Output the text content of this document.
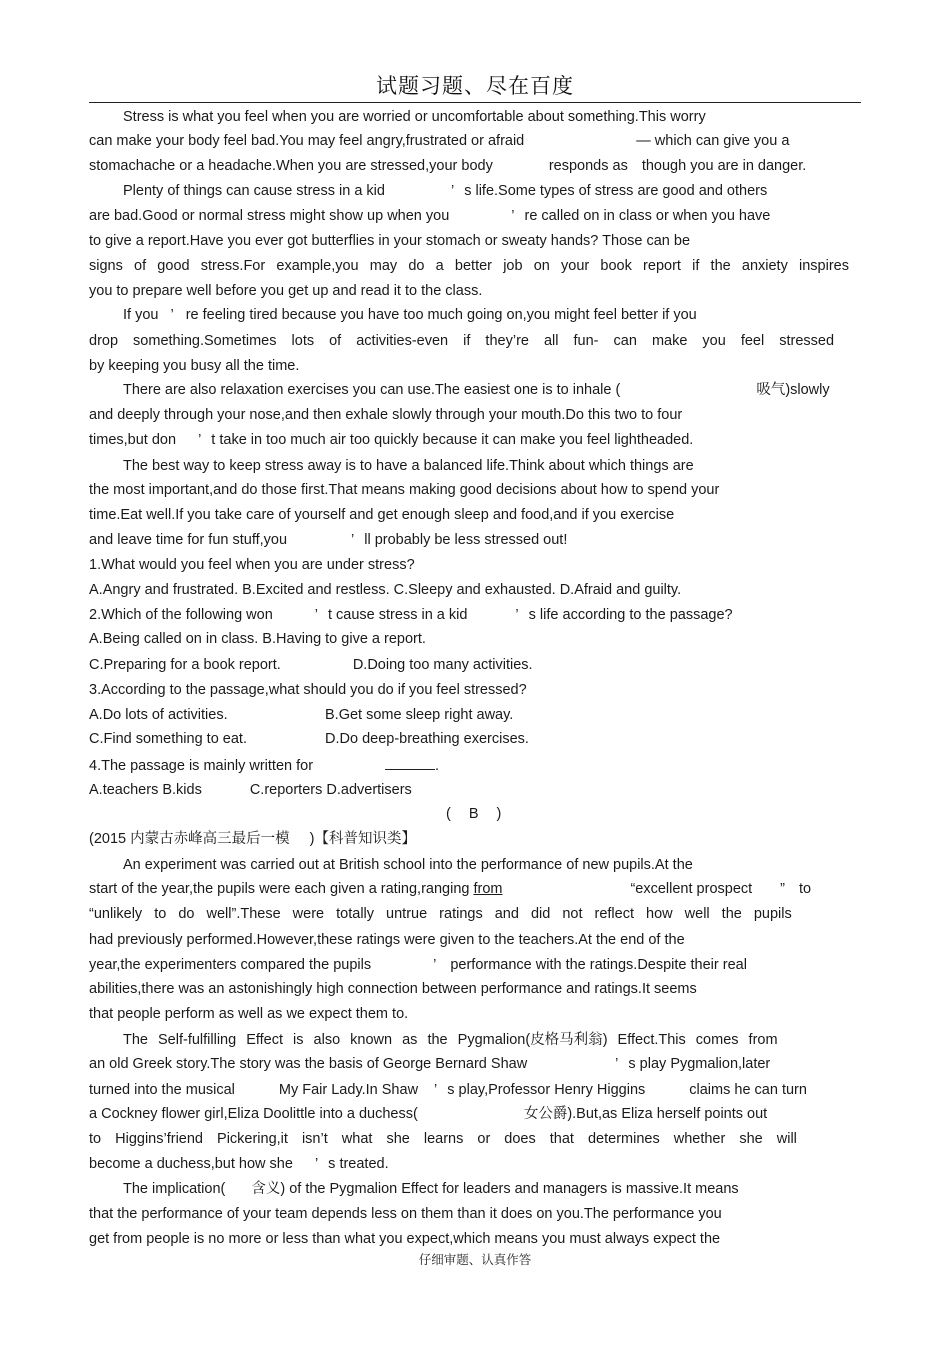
试题习题、尽在百度
Stress is what you feel when you are worried or uncomfortable about something.This worry
can make your body feel bad.You may feel angry,frustrated or afraid	— which can give you a
stomachache or a headache.When you are stressed,your body	responds as though you are in danger.
Plenty of things can cause stress in a kid	’ s life.Some types of stress are good and others
are bad.Good or normal stress might show up when you	’ re called on in class or when you have
to give a report.Have you ever got butterflies in your stomach or sweaty hands? Those can be
signs of good stress.For example,you may do a better job on your book report if the anxiety inspires
you to prepare well before you get up and read it to the class.
If you ’ re feeling tired because you have too much going on,you might feel better if you
drop something.Sometimes lots of activities-even if they’re all fun- can make you feel stressed
by keeping you busy all the time.
There are also relaxation exercises you can use.The easiest one is to inhale (	吸气)slowly
and deeply through your nose,and then exhale slowly through your mouth.Do this two to four
times,but don ’ t take in too much air too quickly because it can make you feel lightheaded.
The best way to keep stress away is to have a balanced life.Think about which things are
the most important,and do those first.That means making good decisions about how to spend your
time.Eat well.If you take care of yourself and get enough sleep and food,and if you exercise
and leave time for fun stuff,you	’ ll probably be less stressed out!
1.What would you feel when you are under stress?
A.Angry and frustrated. B.Excited and restless. C.Sleepy and exhausted. D.Afraid and guilty.
2.Which of the following won	’ t cause stress in a kid	’ s life according to the passage?
A.Being called on in class. B.Having to give a report.
C.Preparing for a book report.	D.Doing too many activities.
3.According to the passage,what should you do if you feel stressed?
A.Do lots of activities.	B.Get some sleep right away.
C.Find something to eat.	D.Do deep-breathing exercises.
4.The passage is mainly written for	.
A.teachers B.kids	C.reporters D.advertisers
( B )
(2015 内蒙古赤峰高三最后一模 )【科普知识类】
An experiment was carried out at British school into the performance of new pupils.At the
start of the year,the pupils were each given a rating,ranging from	“excellent prospect ” to
“unlikely to do well”.These were totally untrue ratings and did not reflect how well the pupils
had previously performed.However,these ratings were given to the teachers.At the end of the
year,the experimenters compared the pupils	’ performance with the ratings.Despite their real
abilities,there was an astonishingly high connection between performance and ratings.It seems
that people perform as well as we expect them to.
The Self-fulfilling Effect is also known as the Pygmalion(皮格马利翁) Effect.This comes from
an old Greek story.The story was the basis of George Bernard Shaw	’ s play Pygmalion,later
turned into the musical	My Fair Lady.In Shaw ’ s play,Professor Henry Higgins	claims he can turn
a Cockney flower girl,Eliza Doolittle into a duchess(	女公爵).But,as Eliza herself points out
to Higgins’friend Pickering,it isn’t what she learns or does that determines whether she will
become a duchess,but how she ’ s treated.
The implication( 含义) of the Pygmalion Effect for leaders and managers is massive.It means
that the performance of your team depends less on them than it does on you.The performance you
get from people is no more or less than what you expect,which means you must always expect the
仔细审题、认真作答
